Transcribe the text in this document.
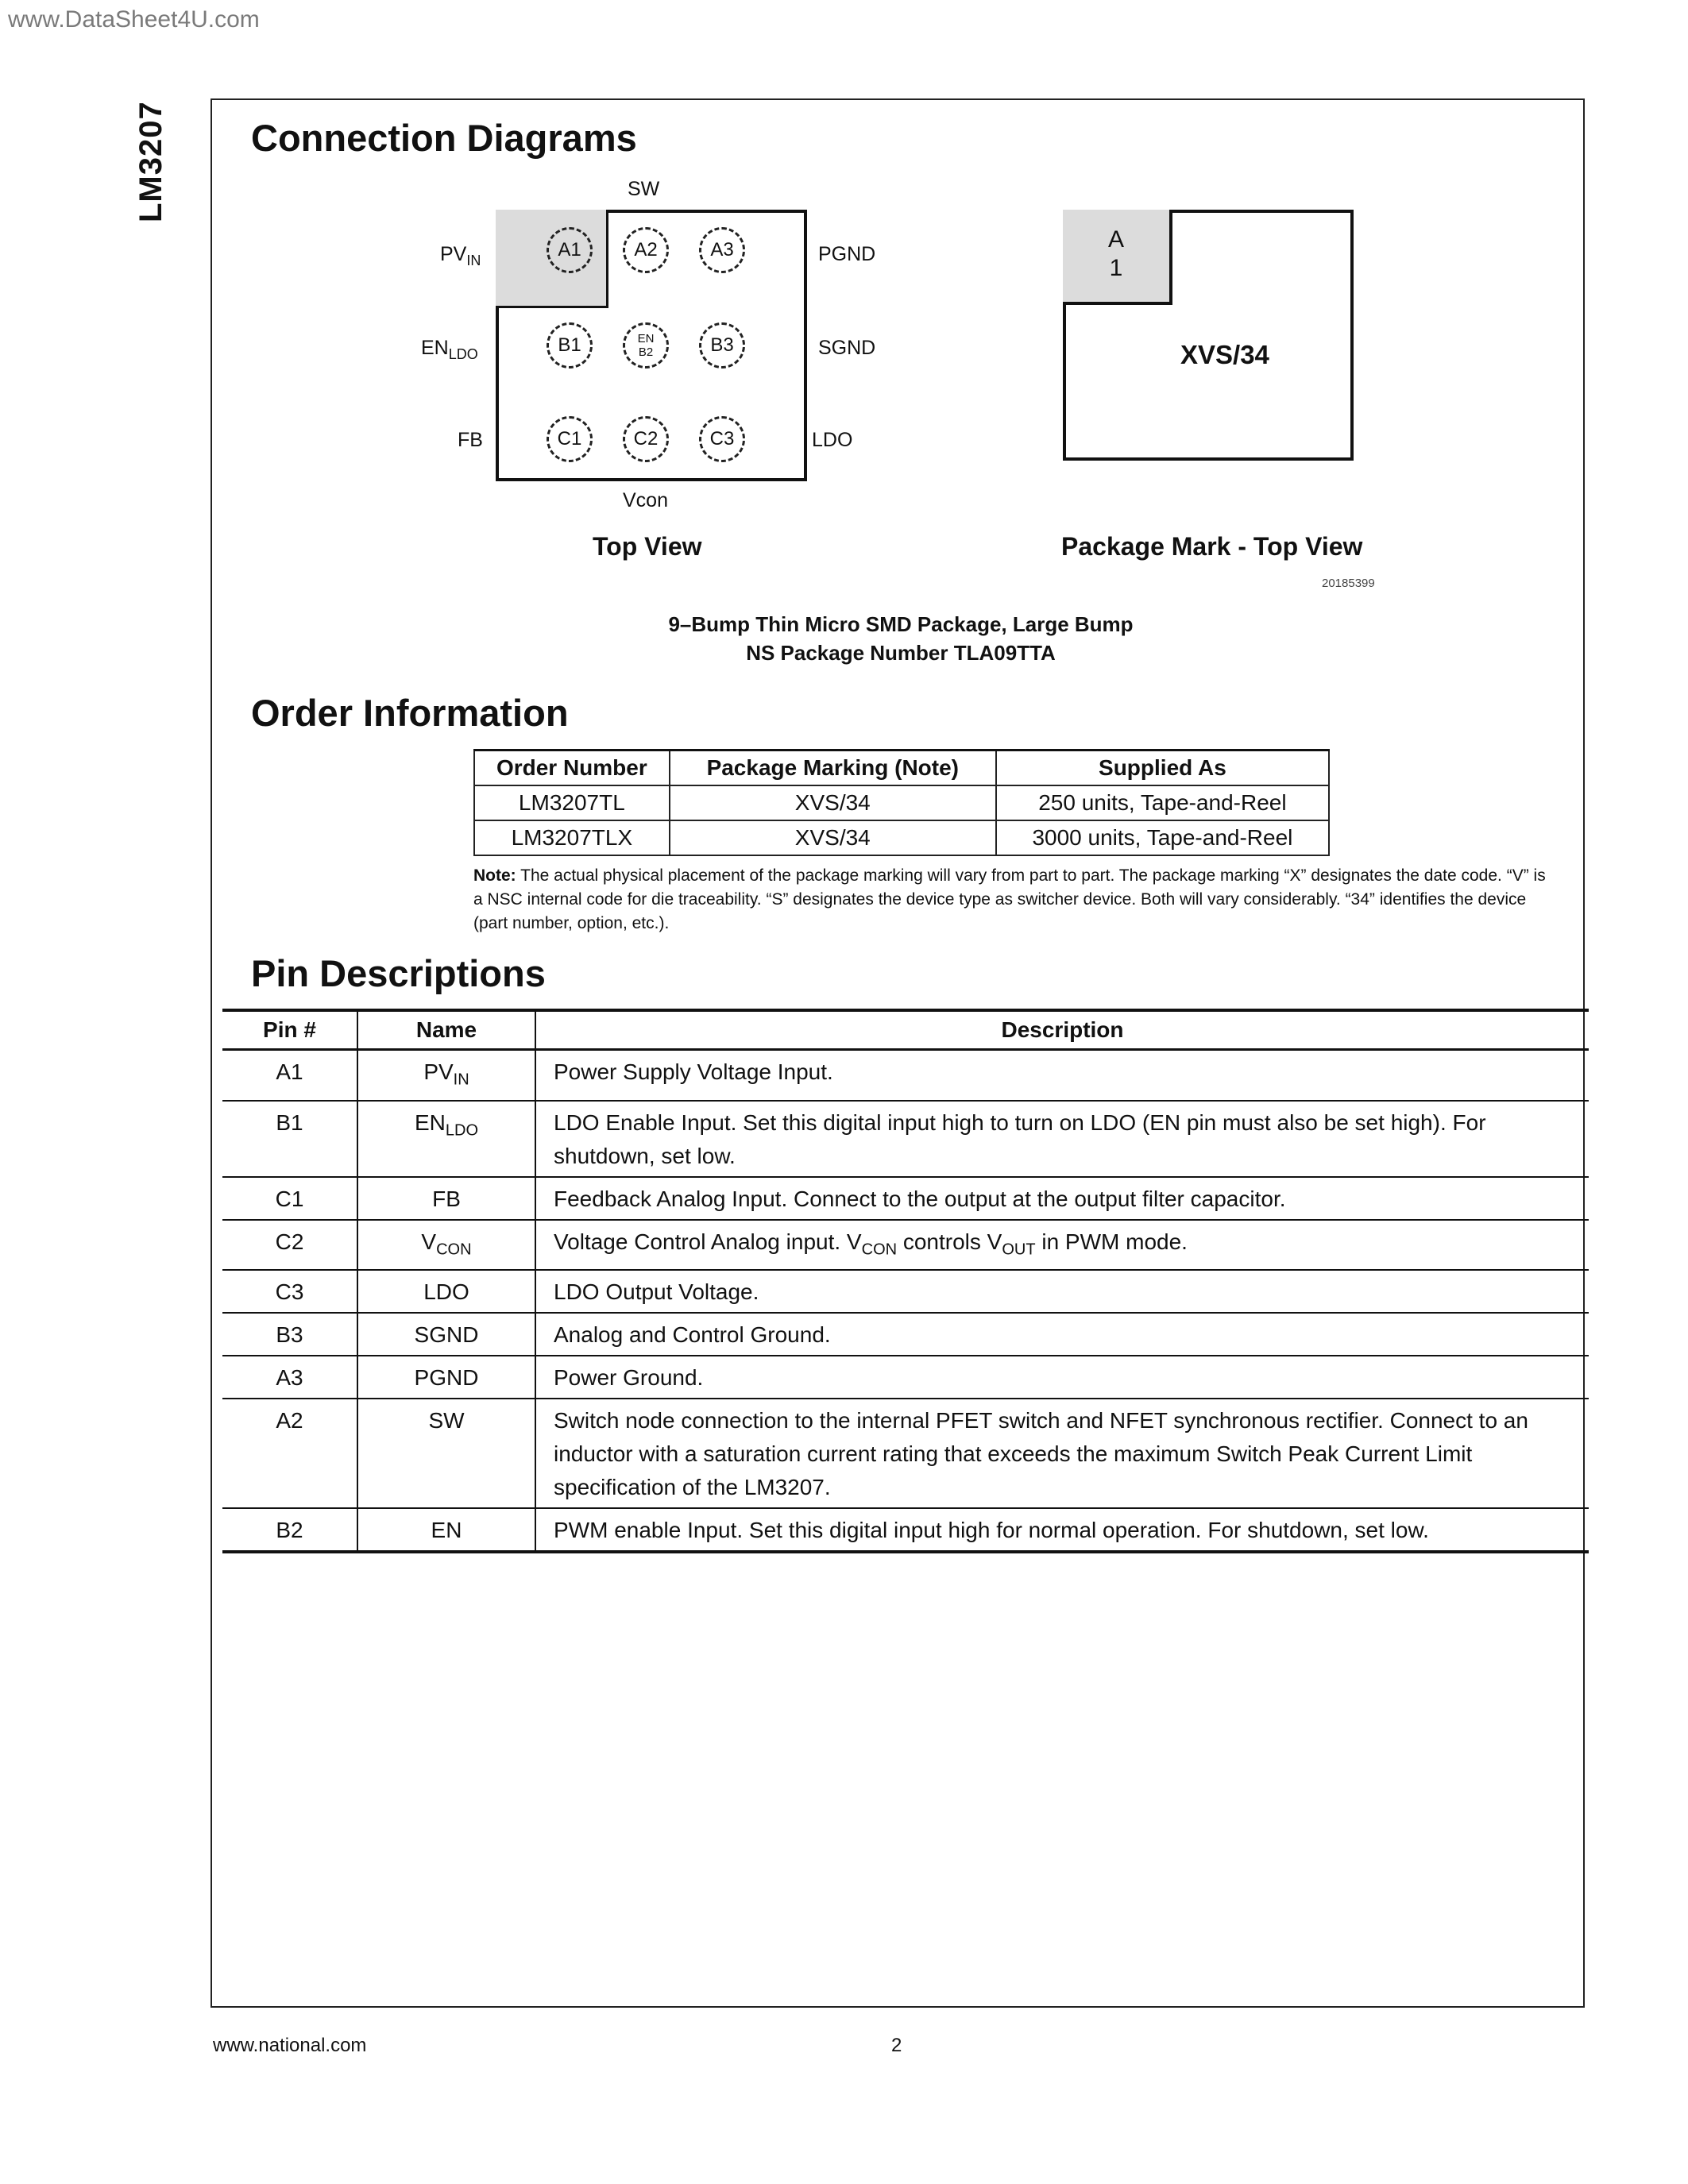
www.DataSheet4U.com
LM3207 Connection Diagrams
SW
$PV_{IN}$
$EN_{LDO}$
FB
PGND
SGND
LDO
Vcon
A1	A2	A3
B1	EN
B2	B3
C1	C2	C3
Top View
A
1
XVS/34
Package Mark - Top View
20185399
9–Bump Thin Micro SMD Package, Large Bump
NS Package Number TLA09TTA
Order Information
Order Number	Package Marking (Note)	Supplied As
LM3207TL	XVS/34	250 units, Tape-and-Reel
LM3207TLX	XVS/34	3000 units, Tape-and-Reel
Note: The actual physical placement of the package marking will vary from part to part. The package marking “X” designates the date code. “V” is a NSC internal code for die traceability. “S” designates the device type as switcher device. Both will vary considerably. “34” identifies the device (part number, option, etc.).
Pin Descriptions
Pin #	Name	Description
A1	$PV_{IN}$	Power Supply Voltage Input.
B1	$EN_{LDO}$	LDO Enable Input. Set this digital input high to turn on LDO (EN pin must also be set high). For shutdown, set low.
C1	FB	Feedback Analog Input. Connect to the output at the output filter capacitor.
C2	$V_{CON}$	Voltage Control Analog input. $V_{CON}$ controls $V_{OUT}$ in PWM mode.
C3	LDO	LDO Output Voltage.
B3	SGND	Analog and Control Ground.
A3	PGND	Power Ground.
A2	SW	Switch node connection to the internal PFET switch and NFET synchronous rectifier. Connect to an inductor with a saturation current rating that exceeds the maximum Switch Peak Current Limit specification of the LM3207.
B2	EN	PWM enable Input. Set this digital input high for normal operation. For shutdown, set low.
www.national.com	2
